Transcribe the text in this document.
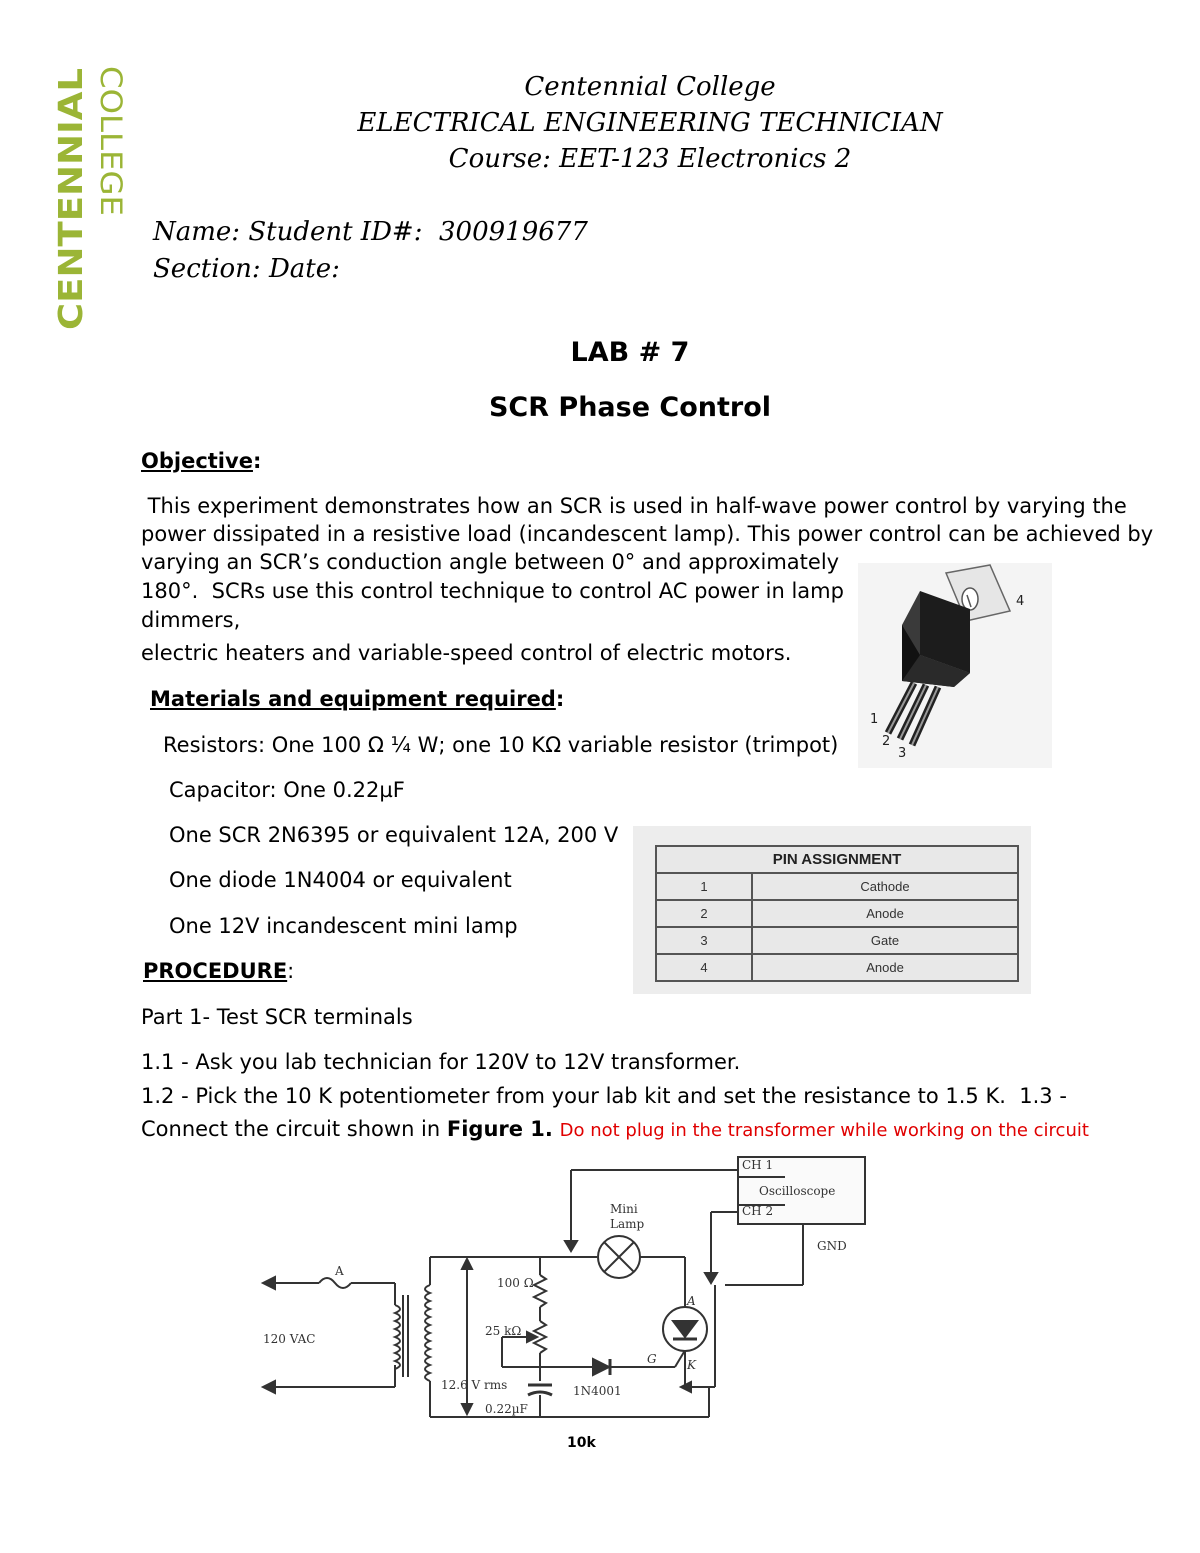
CENTENNIAL COLLEGE	Centennial College
ELECTRICAL ENGINEERING TECHNICIAN
Course: EET-123 Electronics 2
Name: Student ID#:  300919677
Section: Date:
LAB # 7
SCR Phase Control
Objective:
This experiment demonstrates how an SCR is used in half-wave power control by varying the
power dissipated in a resistive load (incandescent lamp). This power control can be achieved by
varying an SCR’s conduction angle between 0° and approximately
180°.  SCRs use this control technique to control AC power in lamp
dimmers,
electric heaters and variable-speed control of electric motors.
1
2
3
4
Materials and equipment required:
Resistors: One 100 Ω ¼ W; one 10 KΩ variable resistor (trimpot)
Capacitor: One 0.22µF
One SCR 2N6395 or equivalent 12A, 200 V
One diode 1N4004 or equivalent
One 12V incandescent mini lamp
PIN ASSIGNMENT	
1	Cathode
2	Anode
3	Gate
4	Anode
PROCEDURE:
Part 1- Test SCR terminals
1.1 - Ask you lab technician for 120V to 12V transformer.
1.2 - Pick the 10 K potentiometer from your lab kit and set the resistance to 1.5 K.  1.3 -
Connect the circuit shown in Figure 1. Do not plug in the transformer while working on the circuit
CH 1
Oscilloscope
CH 2
GND
Mini
Lamp
A
120 VAC
100 Ω
25 kΩ
12.6 V rms
0.22µF
1N4001
G
A
K
10k
